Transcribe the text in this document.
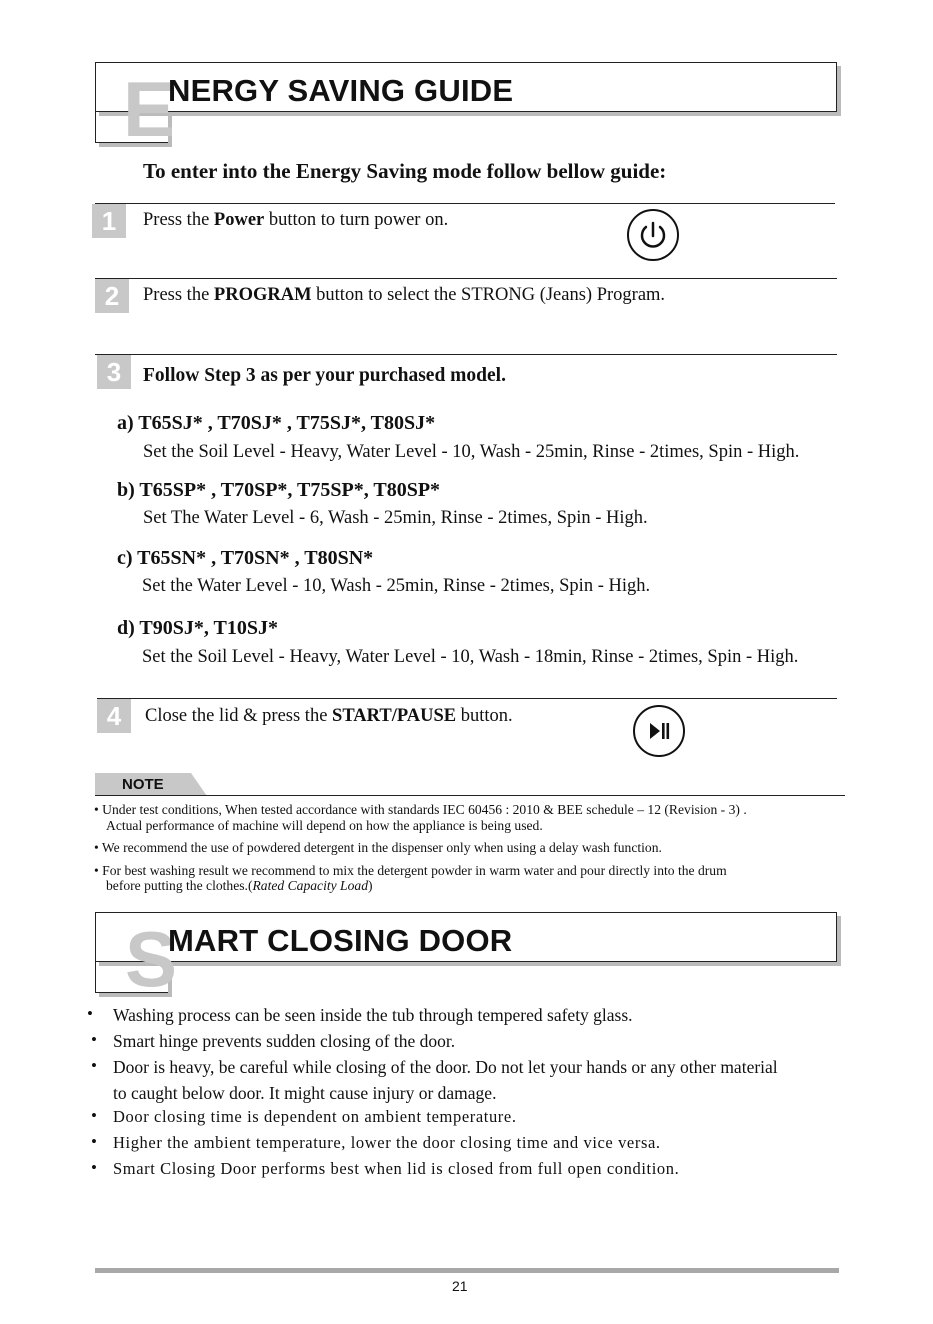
E
NERGY SAVING GUIDE
To enter into the Energy Saving mode follow bellow guide:
1	Press the Power button to turn power on.
2	Press the PROGRAM button to select the STRONG (Jeans) Program.
3	Follow Step 3 as per your purchased model.
a) T65SJ* , T70SJ* , T75SJ*, T80SJ*
Set the Soil Level - Heavy, Water Level - 10, Wash - 25min, Rinse - 2times, Spin - High.
b) T65SP* , T70SP*, T75SP*, T80SP*
Set The Water Level - 6, Wash - 25min, Rinse - 2times, Spin - High.
c) T65SN* , T70SN* , T80SN*
Set the Water Level - 10, Wash - 25min, Rinse - 2times, Spin - High.
d) T90SJ*, T10SJ*
Set the Soil Level - Heavy, Water Level - 10, Wash - 18min, Rinse - 2times, Spin - High.
4	Close the lid & press the START/PAUSE button.
NOTE
• Under test conditions, When tested accordance with standards IEC 60456 : 2010 & BEE schedule – 12 (Revision - 3) .
Actual performance of machine will depend on how the appliance is being used.
• We recommend the use of powdered detergent in the dispenser only when using a delay wash function.
• For best washing result we recommend to mix the detergent powder in warm water and pour directly into the drum
before putting the clothes.(Rated Capacity Load)
S
MART CLOSING DOOR
• Washing process can be seen inside the tub through tempered safety glass.
• Smart hinge prevents sudden closing of the door.
• Door is heavy, be careful while closing of the door. Do not let your hands or any other material
to caught below door. It might cause injury or damage.
• Door closing time is dependent on ambient temperature.
• Higher the ambient temperature, lower the door closing time and vice versa.
• Smart Closing Door performs best when lid is closed from full open condition.
21
